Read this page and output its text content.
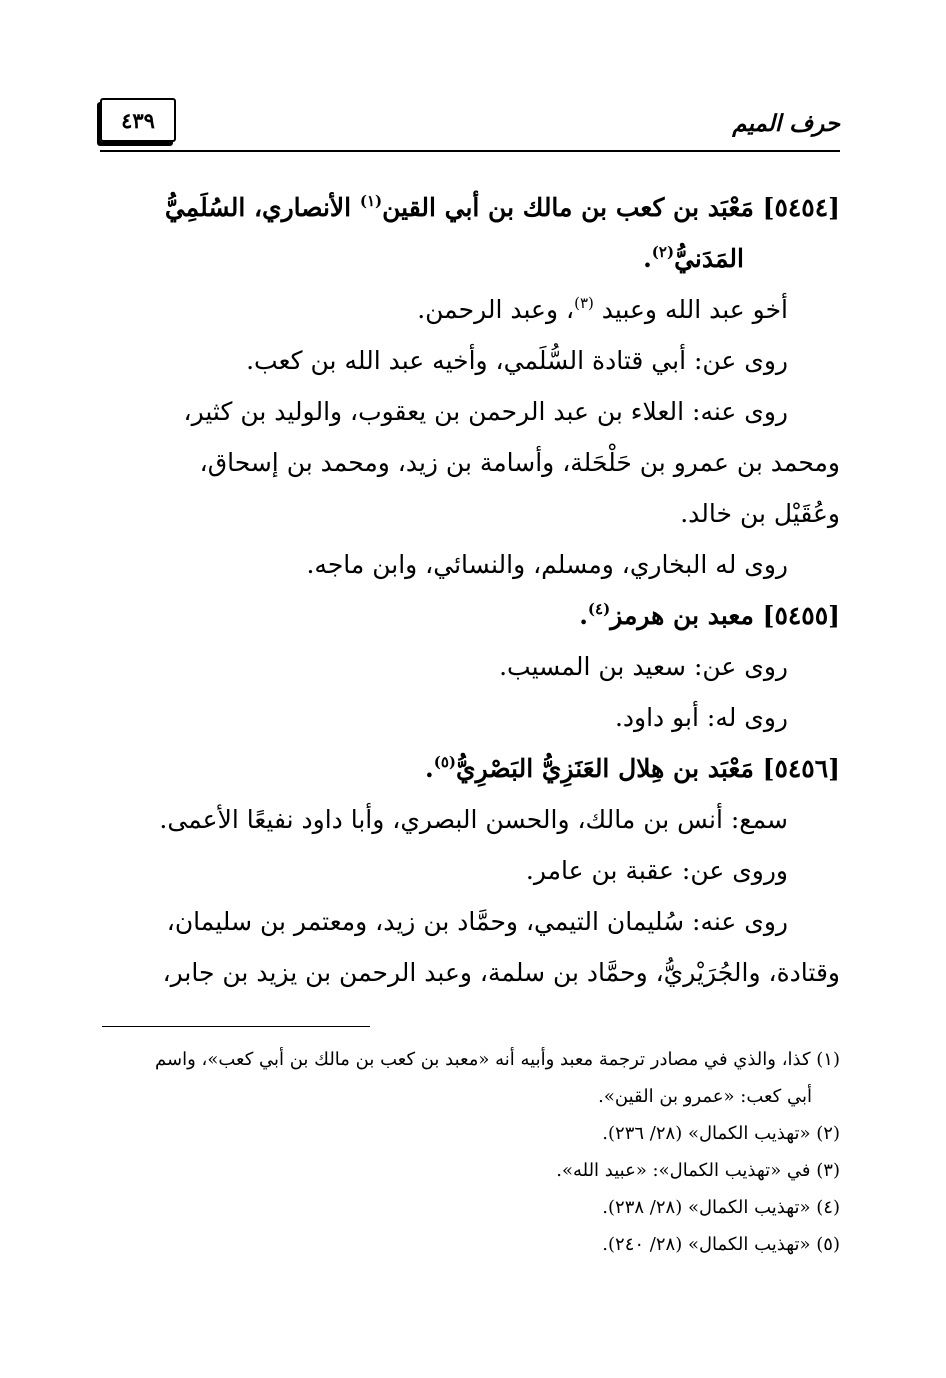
حرف الميم
٤٣٩

[٥٤٥٤] مَعْبَد بن كعب بن مالك بن أبي القين$^{(١)}$ الأنصاري، السُلَمِيُّ
المَدَنيُّ$^{(٢)}$.

أخو عبد الله وعبيد $^{(٣)}$، وعبد الرحمن.

روى عن: أبي قتادة السُّلَمي، وأخيه عبد الله بن كعب.

روى عنه: العلاء بن عبد الرحمن بن يعقوب، والوليد بن كثير،

ومحمد بن عمرو بن حَلْحَلة، وأسامة بن زيد، ومحمد بن إسحاق،

وعُقَيْل بن خالد.

روى له البخاري، ومسلم، والنسائي، وابن ماجه.

[٥٤٥٥] معبد بن هرمز$^{(٤)}$.

روى عن: سعيد بن المسيب.

روى له: أبو داود.

[٥٤٥٦] مَعْبَد بن هِلال العَنَزِيُّ البَصْرِيُّ$^{(٥)}$.

سمع: أنس بن مالك، والحسن البصري، وأبا داود نفيعًا الأعمى.

وروى عن: عقبة بن عامر.

روى عنه: سُليمان التيمي، وحمَّاد بن زيد، ومعتمر بن سليمان،

وقتادة، والجُرَيْريُّ، وحمَّاد بن سلمة، وعبد الرحمن بن يزيد بن جابر،

(١) كذا، والذي في مصادر ترجمة معبد وأبيه أنه «معبد بن كعب بن مالك بن أبي كعب»، واسم
أبي كعب: «عمرو بن القين».

(٢) «تهذيب الكمال» (٢٨/ ٢٣٦).

(٣) في «تهذيب الكمال»: «عبيد الله».

(٤) «تهذيب الكمال» (٢٨/ ٢٣٨).

(٥) «تهذيب الكمال» (٢٨/ ٢٤٠).
